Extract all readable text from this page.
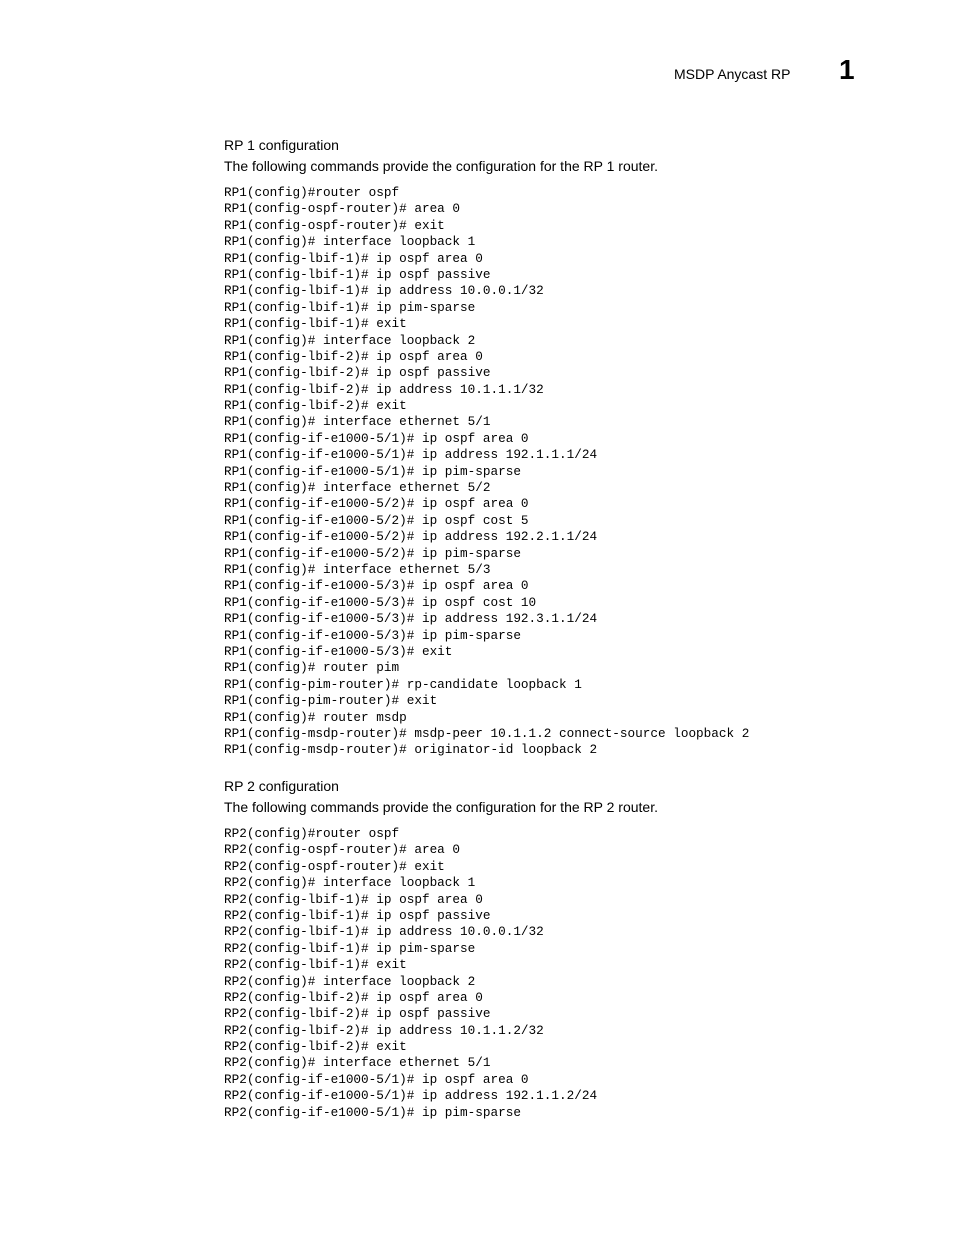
MSDP Anycast RP 1
RP 1 configuration

The following commands provide the configuration for the RP 1 router.

RP1(config)#router ospf
RP1(config-ospf-router)# area 0
RP1(config-ospf-router)# exit
RP1(config)# interface loopback 1
RP1(config-lbif-1)# ip ospf area 0
RP1(config-lbif-1)# ip ospf passive
RP1(config-lbif-1)# ip address 10.0.0.1/32
RP1(config-lbif-1)# ip pim-sparse
RP1(config-lbif-1)# exit
RP1(config)# interface loopback 2
RP1(config-lbif-2)# ip ospf area 0
RP1(config-lbif-2)# ip ospf passive
RP1(config-lbif-2)# ip address 10.1.1.1/32
RP1(config-lbif-2)# exit
RP1(config)# interface ethernet 5/1
RP1(config-if-e1000-5/1)# ip ospf area 0
RP1(config-if-e1000-5/1)# ip address 192.1.1.1/24
RP1(config-if-e1000-5/1)# ip pim-sparse
RP1(config)# interface ethernet 5/2
RP1(config-if-e1000-5/2)# ip ospf area 0
RP1(config-if-e1000-5/2)# ip ospf cost 5
RP1(config-if-e1000-5/2)# ip address 192.2.1.1/24
RP1(config-if-e1000-5/2)# ip pim-sparse
RP1(config)# interface ethernet 5/3
RP1(config-if-e1000-5/3)# ip ospf area 0
RP1(config-if-e1000-5/3)# ip ospf cost 10
RP1(config-if-e1000-5/3)# ip address 192.3.1.1/24
RP1(config-if-e1000-5/3)# ip pim-sparse
RP1(config-if-e1000-5/3)# exit
RP1(config)# router pim
RP1(config-pim-router)# rp-candidate loopback 1
RP1(config-pim-router)# exit
RP1(config)# router msdp
RP1(config-msdp-router)# msdp-peer 10.1.1.2 connect-source loopback 2
RP1(config-msdp-router)# originator-id loopback 2
RP 2 configuration

The following commands provide the configuration for the RP 2 router.

RP2(config)#router ospf
RP2(config-ospf-router)# area 0
RP2(config-ospf-router)# exit
RP2(config)# interface loopback 1
RP2(config-lbif-1)# ip ospf area 0
RP2(config-lbif-1)# ip ospf passive
RP2(config-lbif-1)# ip address 10.0.0.1/32
RP2(config-lbif-1)# ip pim-sparse
RP2(config-lbif-1)# exit
RP2(config)# interface loopback 2
RP2(config-lbif-2)# ip ospf area 0
RP2(config-lbif-2)# ip ospf passive
RP2(config-lbif-2)# ip address 10.1.1.2/32
RP2(config-lbif-2)# exit
RP2(config)# interface ethernet 5/1
RP2(config-if-e1000-5/1)# ip ospf area 0
RP2(config-if-e1000-5/1)# ip address 192.1.1.2/24
RP2(config-if-e1000-5/1)# ip pim-sparse
